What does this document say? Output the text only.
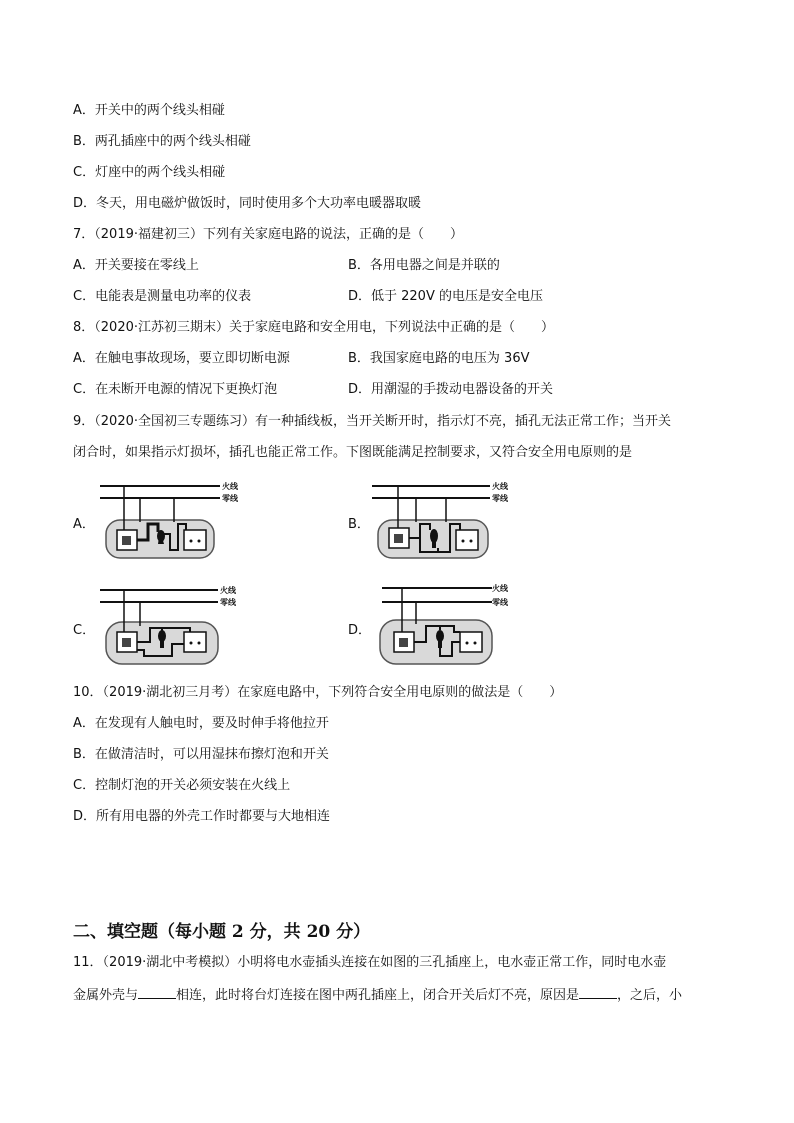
A．开关中的两个线头相碰
B．两孔插座中的两个线头相碰
C．灯座中的两个线头相碰
D．冬天，用电磁炉做饭时，同时使用多个大功率电暖器取暖
7．（2019·福建初三）下列有关家庭电路的说法，正确的是（　　）
A．开关要接在零线上	B．各用电器之间是并联的
C．电能表是测量电功率的仪表	D．低于 220V 的电压是安全电压
8．（2020·江苏初三期末）关于家庭电路和安全用电，下列说法中正确的是（　　）
A．在触电事故现场，要立即切断电源	B．我国家庭电路的电压为 36V
C．在未断开电源的情况下更换灯泡	D．用潮湿的手拨动电器设备的开关
9．（2020·全国初三专题练习）有一种插线板，当开关断开时，指示灯不亮，插孔无法正常工作；当开关
闭合时，如果指示灯损坏，插孔也能正常工作。下图既能满足控制要求，又符合安全用电原则的是
A．	B．
C．	D．
火线
零线
火线
零线
火线
零线
火线
零线
10．（2019·湖北初三月考）在家庭电路中，下列符合安全用电原则的做法是（　　）
A．在发现有人触电时，要及时伸手将他拉开
B．在做清洁时，可以用湿抹布擦灯泡和开关
C．控制灯泡的开关必须安装在火线上
D．所有用电器的外壳工作时都要与大地相连
二、填空题（每小题 2 分，共 20 分）
11．（2019·湖北中考模拟）小明将电水壶插头连接在如图的三孔插座上，电水壶正常工作，同时电水壶
金属外壳与	相连，此时将台灯连接在图中两孔插座上，闭合开关后灯不亮，原因是	，之后，小
